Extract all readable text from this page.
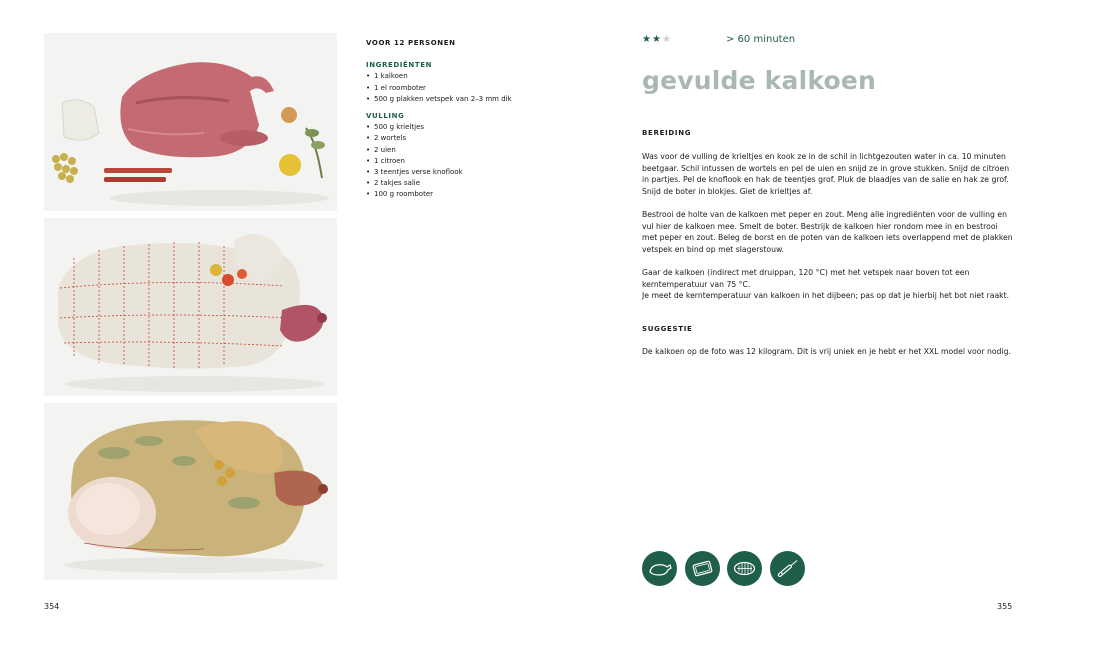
354	355
VOOR 12 PERSONEN
INGREDIËNTEN
• 1 kalkoen
• 1 el roomboter
• 500 g plakken vetspek van 2–3 mm dik
VULLING
• 500 g krieltjes
• 2 wortels
• 2 uien
• 1 citroen
• 3 teentjes verse knoflook
• 2 takjes salie
• 100 g roomboter
★★★	> 60 minuten
gevulde kalkoen
BEREIDING

Was voor de vulling de krieltjes en kook ze in de schil in lichtgezouten water in ca. 10 minuten beetgaar. Schil intussen de wortels en pel de uien en snijd ze in grove stukken. Snijd de citroen in partjes. Pel de knoflook en hak de teentjes grof. Pluk de blaadjes van de salie en hak ze grof. Snijd de boter in blokjes. Giet de krieltjes af.

Bestrooi de holte van de kalkoen met peper en zout. Meng alle ingrediënten voor de vulling en vul hier de kalkoen mee. Smelt de boter. Bestrijk de kalkoen hier rondom mee in en bestrooi met peper en zout. Beleg de borst en de poten van de kalkoen iets overlappend met de plakken vetspek en bind op met slagerstouw.

Gaar de kalkoen (indirect met druippan, 120 °C) met het vetspek naar boven tot een kerntemperatuur van 75 °C.
Je meet de kerntemperatuur van kalkoen in het dijbeen; pas op dat je hierbij het bot niet raakt.

SUGGESTIE

De kalkoen op de foto was 12 kilogram. Dit is vrij uniek en je hebt er het XXL model voor nodig.
